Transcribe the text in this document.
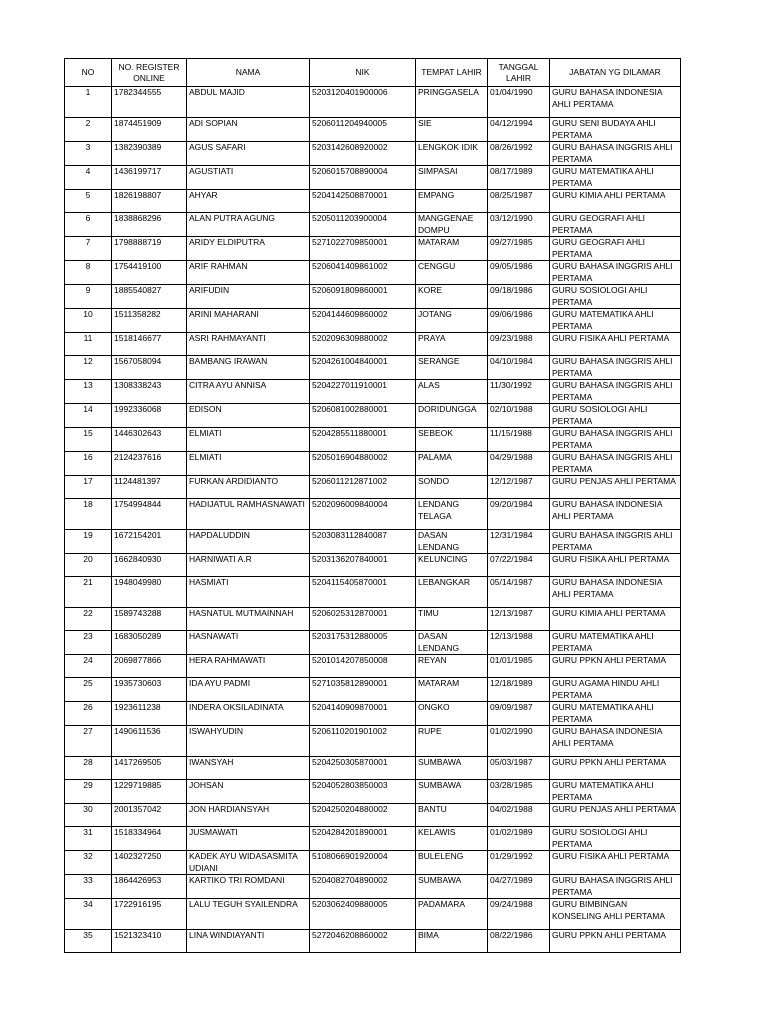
NO	NO. REGISTER ONLINE	NAMA	NIK	TEMPAT LAHIR	TANGGAL LAHIR	JABATAN YG DILAMAR
1	1782344555	ABDUL MAJID	5203120401900006	PRINGGASELA	01/04/1990	GURU BAHASA INDONESIA AHLI PERTAMA
2	1874451909	ADI SOPIAN	5206011204940005	SIE	04/12/1994	GURU SENI BUDAYA AHLI PERTAMA
3	1382390389	AGUS SAFARI	5203142608920002	LENGKOK IDIK	08/26/1992	GURU BAHASA INGGRIS AHLI PERTAMA
4	1436199717	AGUSTIATI	5206015708890004	SIMPASAI	08/17/1989	GURU MATEMATIKA AHLI PERTAMA
5	1826198807	AHYAR	5204142508870001	EMPANG	08/25/1987	GURU KIMIA AHLI PERTAMA
6	1838868296	ALAN PUTRA AGUNG	5205011203900004	MANGGENAE DOMPU	03/12/1990	GURU GEOGRAFI AHLI PERTAMA
7	1798888719	ARIDY ELDIPUTRA	5271022709850001	MATARAM	09/27/1985	GURU GEOGRAFI AHLI PERTAMA
8	1754419100	ARIF RAHMAN	5206041409861002	CENGGU	09/05/1986	GURU BAHASA INGGRIS AHLI PERTAMA
9	1885540827	ARIFUDIN	5206091809860001	KORE	09/18/1986	GURU SOSIOLOGI AHLI PERTAMA
10	1511358282	ARINI MAHARANI	5204144609860002	JOTANG	09/06/1986	GURU MATEMATIKA AHLI PERTAMA
11	1518146677	ASRI RAHMAYANTI	5202096309880002	PRAYA	09/23/1988	GURU FISIKA AHLI PERTAMA
12	1567058094	BAMBANG IRAWAN	5204261004840001	SERANGE	04/10/1984	GURU BAHASA INGGRIS AHLI PERTAMA
13	1308338243	CITRA AYU ANNISA	5204227011910001	ALAS	11/30/1992	GURU BAHASA INGGRIS AHLI PERTAMA
14	1992336068	EDISON	5206081002880001	DORIDUNGGA	02/10/1988	GURU SOSIOLOGI AHLI PERTAMA
15	1446302643	ELMIATI	5204285511880001	SEBEOK	11/15/1988	GURU BAHASA INGGRIS AHLI PERTAMA
16	2124237616	ELMIATI	5205016904880002	PALAMA	04/29/1988	GURU BAHASA INGGRIS AHLI PERTAMA
17	1124481397	FURKAN ARDIDIANTO	5206011212871002	SONDO	12/12/1987	GURU PENJAS AHLI PERTAMA
18	1754994844	HADIJATUL RAMHASNAWATI	5202096009840004	LENDANG TELAGA	09/20/1984	GURU BAHASA INDONESIA AHLI PERTAMA
19	1672154201	HAPDALUDDIN	5203083112840087	DASAN LENDANG	12/31/1984	GURU BAHASA INGGRIS AHLI PERTAMA
20	1662840930	HARNIWATI A.R	5203136207840001	KELUNCING	07/22/1984	GURU FISIKA AHLI PERTAMA
21	1948049980	HASMIATI	5204115405870001	LEBANGKAR	05/14/1987	GURU BAHASA INDONESIA AHLI PERTAMA
22	1589743288	HASNATUL MUTMAINNAH	5206025312870001	TIMU	12/13/1987	GURU KIMIA AHLI PERTAMA
23	1683050289	HASNAWATI	5203175312880005	DASAN LENDANG	12/13/1988	GURU MATEMATIKA AHLI PERTAMA
24	2069877866	HERA RAHMAWATI	5201014207850008	REYAN	01/01/1985	GURU PPKN AHLI PERTAMA
25	1935730603	IDA AYU PADMI	5271035812890001	MATARAM	12/18/1989	GURU AGAMA HINDU AHLI PERTAMA
26	1923611238	INDERA OKSILADINATA	5204140909870001	ONGKO	09/09/1987	GURU MATEMATIKA AHLI PERTAMA
27	1490611536	ISWAHYUDIN	5206110201901002	RUPE	01/02/1990	GURU BAHASA INDONESIA AHLI PERTAMA
28	1417269505	IWANSYAH	5204250305870001	SUMBAWA	05/03/1987	GURU PPKN AHLI PERTAMA
29	1229719885	JOHSAN	5204052803850003	SUMBAWA	03/28/1985	GURU MATEMATIKA AHLI PERTAMA
30	2001357042	JON HARDIANSYAH	5204250204880002	BANTU	04/02/1988	GURU PENJAS AHLI PERTAMA
31	1518334964	JUSMAWATI	5204284201890001	KELAWIS	01/02/1989	GURU SOSIOLOGI AHLI PERTAMA
32	1402327250	KADEK AYU WIDASASMITA UDIANI	5108066901920004	BULELENG	01/29/1992	GURU FISIKA AHLI PERTAMA
33	1864426953	KARTIKO TRI ROMDANI	5204082704890002	SUMBAWA	04/27/1989	GURU BAHASA INGGRIS AHLI PERTAMA
34	1722916195	LALU TEGUH SYAILENDRA	5203062409880005	PADAMARA	09/24/1988	GURU BIMBINGAN KONSELING AHLI PERTAMA
35	1521323410	LINA WINDIAYANTI	5272046208860002	BIMA	08/22/1986	GURU PPKN AHLI PERTAMA
